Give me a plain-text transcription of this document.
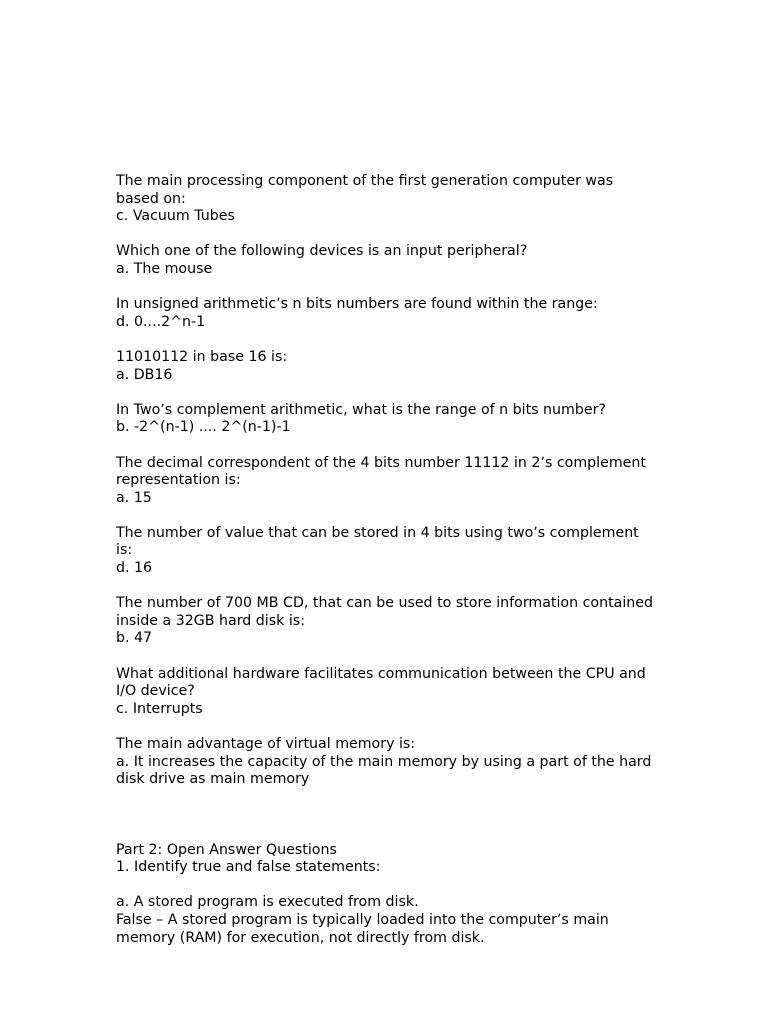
The main processing component of the first generation computer was based on:
c. Vacuum Tubes
Which one of the following devices is an input peripheral?
a. The mouse
In unsigned arithmeticʼs n bits numbers are found within the range:
d. 0....2^n-1
11010112 in base 16 is:
a. DB16
In Twoʼs complement arithmetic, what is the range of n bits number?
b. -2^(n-1) .... 2^(n-1)-1
The decimal correspondent of the 4 bits number 11112 in 2ʼs complement representation is:
a. 15
The number of value that can be stored in 4 bits using twoʼs complement is:
d. 16
The number of 700 MB CD, that can be used to store information contained inside a 32GB hard disk is:
b. 47
What additional hardware facilitates communication between the CPU and I/O device?
c. Interrupts
The main advantage of virtual memory is:
a. It increases the capacity of the main memory by using a part of the hard disk drive as main memory
Part 2: Open Answer Questions
1. Identify true and false statements:
a. A stored program is executed from disk.
False – A stored program is typically loaded into the computerʼs main memory (RAM) for execution, not directly from disk.
